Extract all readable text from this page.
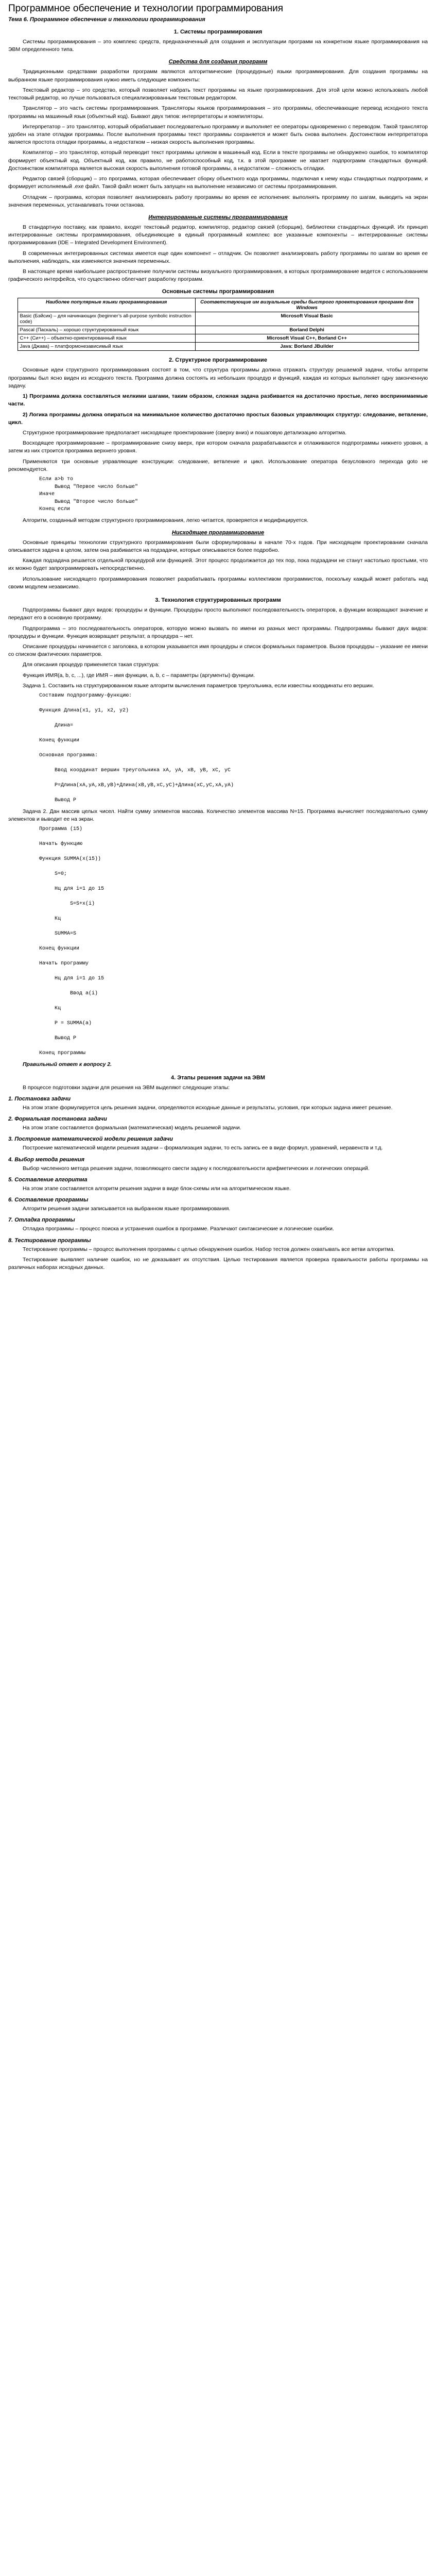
Программное обеспечение и технологии программирования
Тема 6. Программное обеспечение и технологии программирования
1. Системы программирования

Системы программирования – это комплекс средств, предназначенный для создания и эксплуатации программ на конкретном языке программирования на ЭВМ определенного типа.

Средства для создания программ

Традиционными средствами разработки программ являются алгоритмические (процедурные) языки программирования. Для создания программы на выбранном языке программирования нужно иметь следующие компоненты:

Текстовый редактор – это средство, который позволяет набрать текст программы на языке программирования. Для этой цели можно использовать любой текстовый редактор, но лучше пользоваться специализированным текстовым редактором.

Транслятор – это часть системы программирования. Трансляторы языков программирования – это программы, обеспечивающие перевод исходного текста программы на машинный язык (объектный код). Бывают двух типов: интерпретаторы и компиляторы.

Интерпретатор – это транслятор, который обрабатывает последовательно программу и выполняет ее операторы одновременно с переводом. Такой транслятор удобен на этапе отладки программы. После выполнения программы текст программы сохраняется и может быть снова выполнен. Достоинством интерпретатора является простота отладки программы, а недостатком – низкая скорость выполнения программы.

Компилятор – это транслятор, который переводит текст программы целиком в машинный код. Если в тексте программы не обнаружено ошибок, то компилятор формирует объектный код. Объектный код, как правило, не работоспособный код, т.к. в этой программе не хватает подпрограмм стандартных функций. Достоинством компилятора является высокая скорость выполнения готовой программы, а недостатком – сложность отладки.

Редактор связей (сборщик) – это программа, которая обеспечивает сборку объектного кода программы, подключая к нему коды стандартных подпрограмм, и формирует исполняемый .exe файл. Такой файл может быть запущен на выполнение независимо от системы программирования.

Отладчик – программа, которая позволяет анализировать работу программы во время ее исполнения: выполнять программу по шагам, выводить на экран значения переменных, устанавливать точки останова.

Интегрированные системы программирования

В стандартную поставку, как правило, входят текстовый редактор, компилятор, редактор связей (сборщик), библиотеки стандартных функций. Их принцип интегрированные системы программирования, объединяющие в единый программный комплекс все указанные компоненты – интегрированные системы программирования (IDE – Integrated Development Environment).

В современных интегрированных системах имеется еще один компонент – отладчик. Он позволяет анализировать работу программы по шагам во время ее выполнения, наблюдать, как изменяются значения переменных.

В настоящее время наибольшее распространение получили системы визуального программирования, в которых программирование ведется с использованием графического интерфейса, что существенно облегчает разработку программ.

Основные системы программирования
Наиболее популярные языки программирования	Соответствующие им визуальные среды быстрого проектирования программ для Windows
Basic (Бэйсик) – для начинающих (beginner’s all-purpose symbolic instruction code)	Microsoft Visual Basic
Pascal (Паскаль) – хорошо структурированный язык	Borland Delphi
C++ (Си++) – объектно-ориентированный язык	Microsoft Visual C++, Borland C++
Java (Джава) – платформонезависимый язык	Java: Borland JBuilder
2. Структурное программирование

Основные идеи структурного программирования состоят в том, что структура программы должна отражать структуру решаемой задачи, чтобы алгоритм программы был ясно виден из исходного текста. Программа должна состоять из небольших процедур и функций, каждая из которых выполняет одну законченную задачу.

1) Программа должна составляться мелкими шагами, таким образом, сложная задача разбивается на достаточно простые, легко воспринимаемые части.

2) Логика программы должна опираться на минимальное количество достаточно простых базовых управляющих структур: следование, ветвление, цикл.

Структурное программирование предполагает нисходящее проектирование (сверху вниз) и пошаговую детализацию алгоритма.

Восходящее программирование – программирование снизу вверх, при котором сначала разрабатываются и отлаживаются подпрограммы нижнего уровня, а затем из них строится программа верхнего уровня.

Применяются три основные управляющие конструкции: следование, ветвление и цикл. Использование оператора безусловного перехода goto не рекомендуется.

Если a>b то
Вывод "Первое число больше"
Иначе
Вывод "Второе число больше"
Конец если

Алгоритм, созданный методом структурного программирования, легко читается, проверяется и модифицируется.

Нисходящее программирование

Основные принципы технологии структурного программирования были сформулированы в начале 70-х годов. При нисходящем проектировании сначала описывается задача в целом, затем она разбивается на подзадачи, которые описываются более подробно.

Каждая подзадача решается отдельной процедурой или функцией. Этот процесс продолжается до тех пор, пока подзадачи не станут настолько простыми, что их можно будет запрограммировать непосредственно.

Использование нисходящего программирования позволяет разрабатывать программы коллективом программистов, поскольку каждый может работать над своим модулем независимо.

3. Технология структурированных программ

Подпрограммы бывают двух видов: процедуры и функции. Процедуры просто выполняют последовательность операторов, а функции возвращают значение и передают его в основную программу.

Подпрограмма – это последовательность операторов, которую можно вызвать по имени из разных мест программы. Подпрограммы бывают двух видов: процедуры и функции. Функция возвращает результат, а процедура – нет.

Описание процедуры начинается с заголовка, в котором указывается имя процедуры и список формальных параметров. Вызов процедуры – указание ее имени со списком фактических параметров.

Для описания процедур применяется такая структура:

Функция ИМЯ(a, b, c, ...), где ИМЯ – имя функции, a, b, c – параметры (аргументы) функции.

Задача 1. Составить на структурированном языке алгоритм вычисления параметров треугольника, если известны координаты его вершин.

Составим подпрограмму-функцию:

Функция Длина(x1, y1, x2, y2)

Длина=

Конец функции

Основная программа:

Ввод координат вершин треугольника xA, yA, xB, yB, xC, yC

P=Длина(xA,yA,xB,yB)+Длина(xB,yB,xC,yC)+Длина(xC,yC,xA,yA)

Вывод P

Задача 2. Дан массив целых чисел. Найти сумму элементов массива. Количество элементов массива N=15. Программа вычисляет последовательно сумму элементов и выводит ее на экран.

Программа (15)

Начать функцию

Функция SUMMA(x(15))

S=0;

Нц для i=1 до 15

S=S+x(i)

Кц

SUMMA=S

Конец функции

Начать программу

Нц для i=1 до 15

Ввод a(i)

Кц

P = SUMMA(a)

Вывод P

Конец программы

Правильный ответ к вопросу 2.

4. Этапы решения задачи на ЭВМ

В процессе подготовки задачи для решения на ЭВМ выделяют следующие этапы:

1. Постановка задачи

На этом этапе формулируется цель решения задачи, определяются исходные данные и результаты, условия, при которых задача имеет решение.

2. Формальная постановка задачи

На этом этапе составляется формальная (математическая) модель решаемой задачи.

3. Построение математической модели решения задачи

Построение математической модели решения задачи – формализация задачи, то есть запись ее в виде формул, уравнений, неравенств и т.д.

4. Выбор метода решения

Выбор численного метода решения задачи, позволяющего свести задачу к последовательности арифметических и логических операций.

5. Составление алгоритма

На этом этапе составляется алгоритм решения задачи в виде блок-схемы или на алгоритмическом языке.

6. Составление программы

Алгоритм решения задачи записывается на выбранном языке программирования.

7. Отладка программы

Отладка программы – процесс поиска и устранения ошибок в программе. Различают синтаксические и логические ошибки.

8. Тестирование программы

Тестирование программы – процесс выполнения программы с целью обнаружения ошибок. Набор тестов должен охватывать все ветви алгоритма.

Тестирование выявляет наличие ошибок, но не доказывает их отсутствия. Целью тестирования является проверка правильности работы программы на различных наборах исходных данных.
